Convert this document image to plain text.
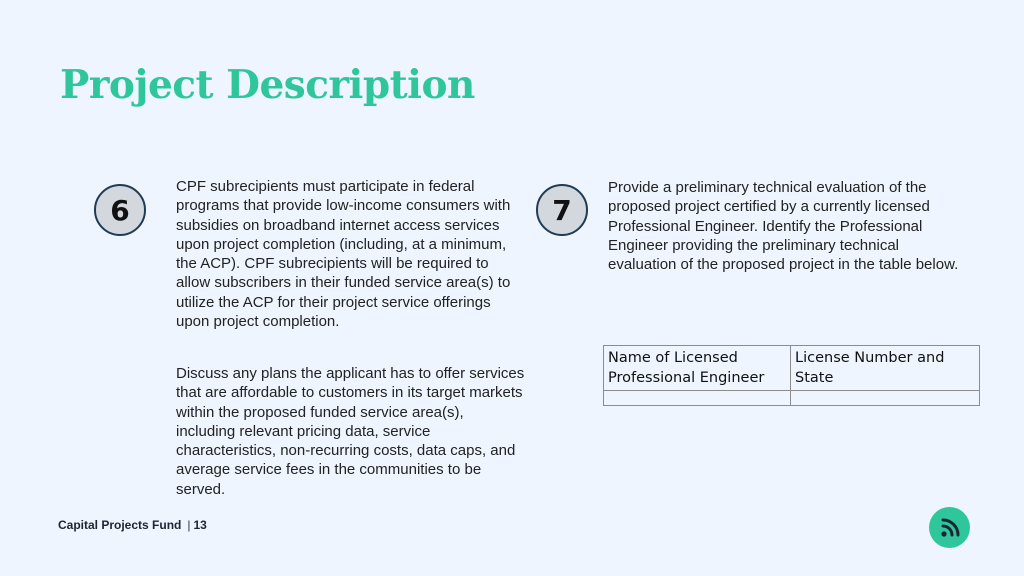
Project Description
6

CPF subrecipients must participate in federal programs that provide low-income consumers with subsidies on broadband internet access services upon project completion (including, at a minimum, the ACP). CPF subrecipients will be required to allow subscribers in their funded service area(s) to utilize the ACP for their project service offerings upon project completion.

Discuss any plans the applicant has to offer services that are affordable to customers in its target markets within the proposed funded service area(s), including relevant pricing data, service characteristics, non-recurring costs, data caps, and average service fees in the communities to be served.

7

Provide a preliminary technical evaluation of the proposed project certified by a currently licensed Professional Engineer. Identify the Professional Engineer providing the preliminary technical evaluation of the proposed project in the table below.

Name of Licensed Professional Engineer	License Number and State

Capital Projects Fund | 13
